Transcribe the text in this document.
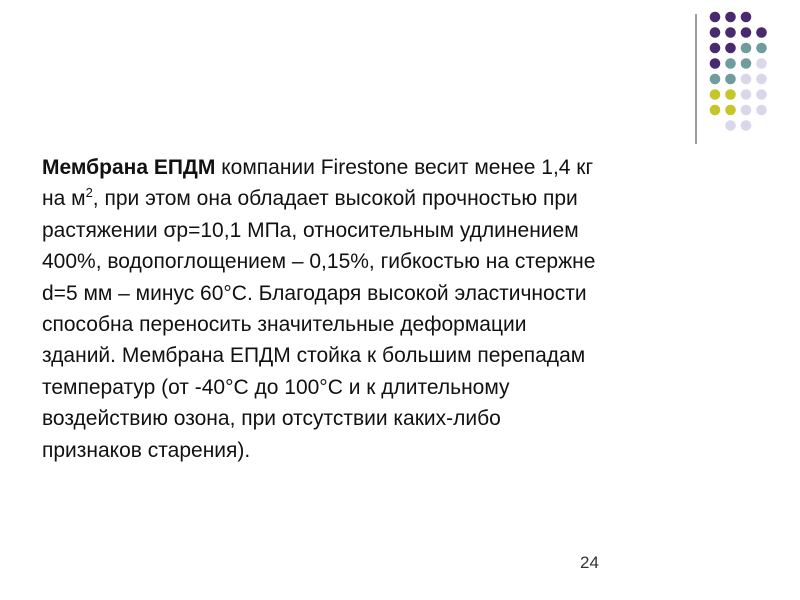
Мембрана ЕПДМ компании Firestone весит менее 1,4 кг
на $м^2$, при этом она обладает высокой прочностью при
растяжении σр=10,1 МПа, относительным удлинением
400%, водопоглощением – 0,15%, гибкостью на стержне
d=5 мм – минус 60°С. Благодаря высокой эластичности
способна переносить значительные деформации
зданий. Мембрана ЕПДМ стойка к большим перепадам
температур (от -40°С до 100°С и к длительному
воздействию озона, при отсутствии каких-либо
признаков старения).

24
